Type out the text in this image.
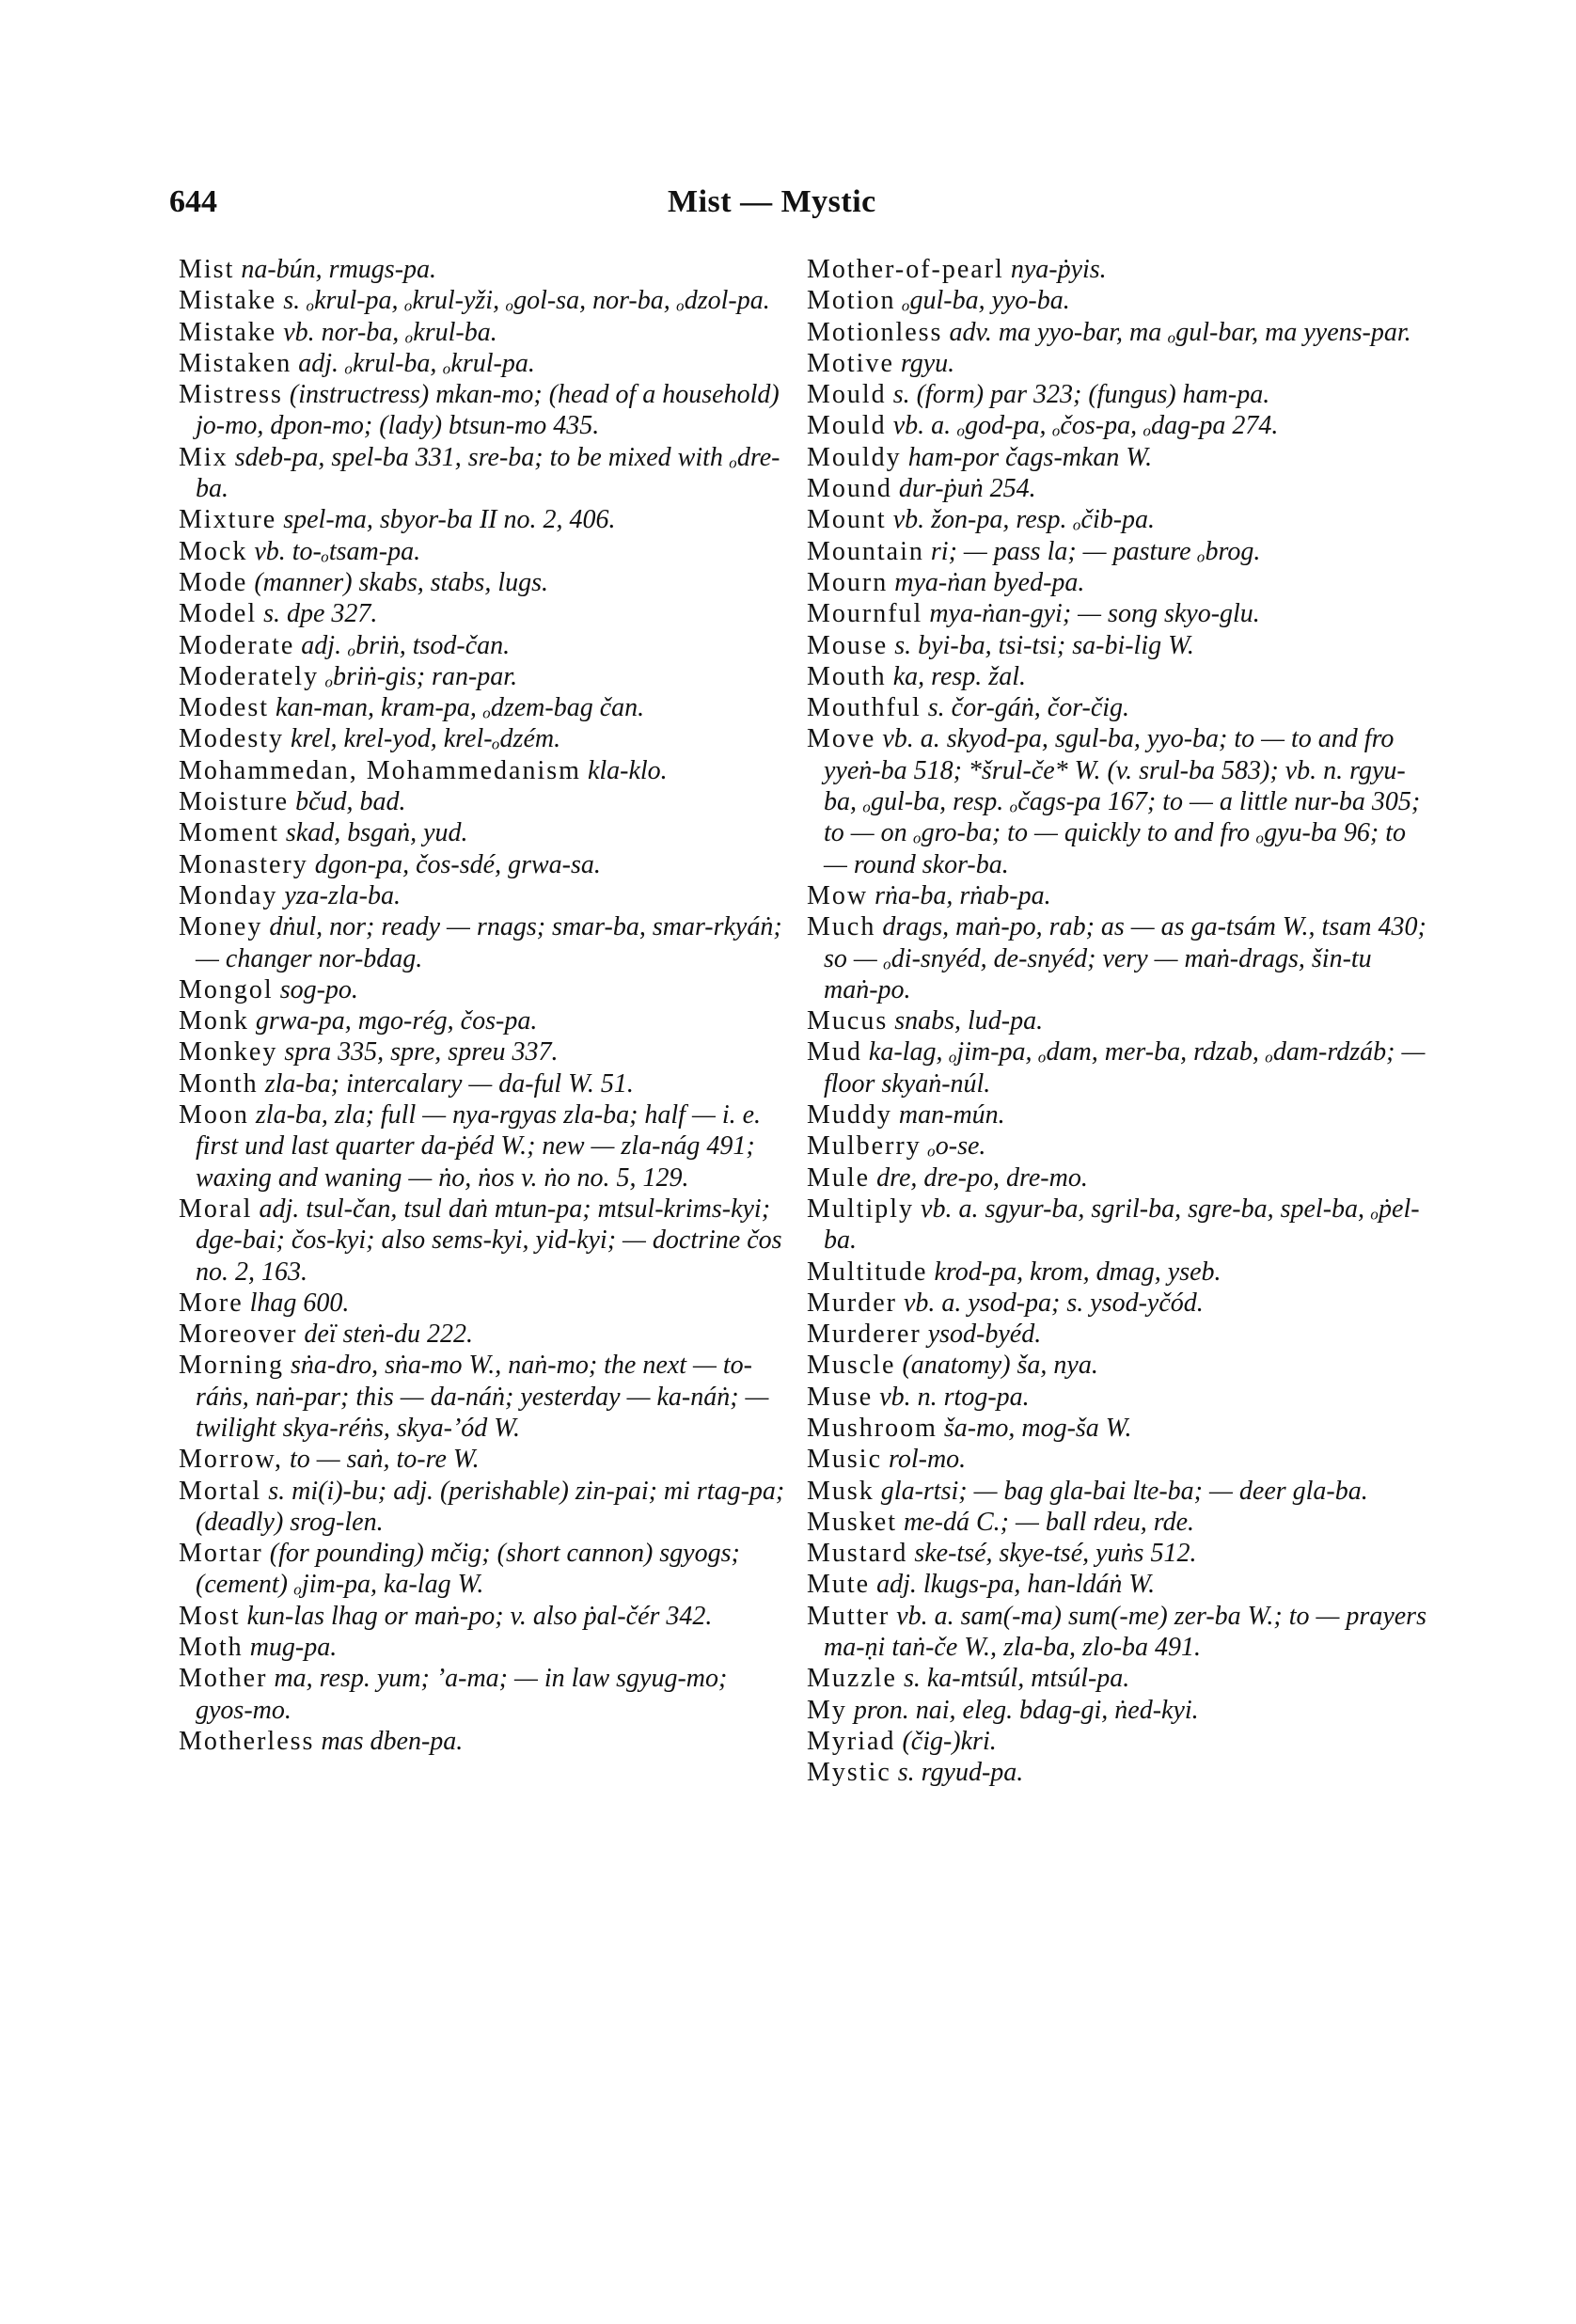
644	Mist — Mystic
Mist na-bún, rmugs-pa.
Mistake s. ₒkrul-pa, ₒkrul-yži, ₒgol-sa, nor-ba, ₒdzol-pa.
Mistake vb. nor-ba, ₒkrul-ba.
Mistaken adj. ₒkrul-ba, ₒkrul-pa.
Mistress (instructress) mkan-mo; (head of a household) jo-mo, dpon-mo; (lady) btsun-mo 435.
Mix sdeb-pa, spel-ba 331, sre-ba; to be mixed with ₒdre-ba.
Mixture spel-ma, sbyor-ba II no. 2, 406.
Mock vb. to-ₒtsam-pa.
Mode (manner) skabs, stabs, lugs.
Model s. dpe 327.
Moderate adj. ₒbriṅ, tsod-čan.
Moderately ₒbriṅ-gis; ran-par.
Modest kan-man, kram-pa, ₒdzem-bag čan.
Modesty krel, krel-yod, krel-ₒdzém.
Mohammedan, Mohammedanism kla-klo.
Moisture bčud, bad.
Moment skad, bsgaṅ, yud.
Monastery dgon-pa, čos-sdé, grwa-sa.
Monday yza-zla-ba.
Money dṅul, nor; ready — rnags; smar-ba, smar-rkyáṅ; — changer nor-bdag.
Mongol sog-po.
Monk grwa-pa, mgo-rég, čos-pa.
Monkey spra 335, spre, spreu 337.
Month zla-ba; intercalary — da-ful W. 51.
Moon zla-ba, zla; full — nya-rgyas zla-ba; half — i. e. first und last quarter da-ṗéd W.; new — zla-nág 491; waxing and waning — ṅo, ṅos v. ṅo no. 5, 129.
Moral adj. tsul-čan, tsul daṅ mtun-pa; mtsul-krims-kyi; dge-bai; čos-kyi; also sems-kyi, yid-kyi; — doctrine čos no. 2, 163.
More lhag 600.
Moreover deï steṅ-du 222.
Morning sṅa-dro, sṅa-mo W., naṅ-mo; the next — to-ráṅs, naṅ-par; this — da-náṅ; yesterday — ka-náṅ; — twilight skya-réṅs, skya-’ód W.
Morrow, to — saṅ, to-re W.
Mortal s. mi(i)-bu; adj. (perishable) zin-pai; mi rtag-pa; (deadly) srog-len.
Mortar (for pounding) mčig; (short cannon) sgyogs; (cement) ₒjim-pa, ka-lag W.
Most kun-las lhag or maṅ-po; v. also ṗal-čér 342.
Moth mug-pa.
Mother ma, resp. yum; ’a-ma; — in law sgyug-mo; gyos-mo.
Motherless mas dben-pa.
Mother-of-pearl nya-ṗyis.
Motion ₒgul-ba, yyo-ba.
Motionless adv. ma yyo-bar, ma ₒgul-bar, ma yyens-par.
Motive rgyu.
Mould s. (form) par 323; (fungus) ham-pa.
Mould vb. a. ₒgod-pa, ₒčos-pa, ₒdag-pa 274.
Mouldy ham-por čags-mkan W.
Mound dur-ṗuṅ 254.
Mount vb. žon-pa, resp. ₒčib-pa.
Mountain ri; — pass la; — pasture ₒbrog.
Mourn mya-ṅan byed-pa.
Mournful mya-ṅan-gyi; — song skyo-glu.
Mouse s. byi-ba, tsi-tsi; sa-bi-lig W.
Mouth ka, resp. žal.
Mouthful s. čor-gáṅ, čor-čig.
Move vb. a. skyod-pa, sgul-ba, yyo-ba; to — to and fro yyeṅ-ba 518; *šrul-če* W. (v. srul-ba 583); vb. n. rgyu-ba, ₒgul-ba, resp. ₒčags-pa 167; to — a little nur-ba 305; to — on ₒgro-ba; to — quickly to and fro ₒgyu-ba 96; to — round skor-ba.
Mow rṅa-ba, rṅab-pa.
Much drags, maṅ-po, rab; as — as ga-tsám W., tsam 430; so — ₒdi-snyéd, de-snyéd; very — maṅ-drags, šin-tu maṅ-po.
Mucus snabs, lud-pa.
Mud ka-lag, ₒjim-pa, ₒdam, mer-ba, rdzab, ₒdam-rdzáb; — floor skyaṅ-núl.
Muddy man-mún.
Mulberry ₒo-se.
Mule dre, dre-po, dre-mo.
Multiply vb. a. sgyur-ba, sgril-ba, sgre-ba, spel-ba, ₒṗel-ba.
Multitude krod-pa, krom, dmag, yseb.
Murder vb. a. ysod-pa; s. ysod-yčód.
Murderer ysod-byéd.
Muscle (anatomy) ša, nya.
Muse vb. n. rtog-pa.
Mushroom ša-mo, mog-ša W.
Music rol-mo.
Musk gla-rtsi; — bag gla-bai lte-ba; — deer gla-ba.
Musket me-dá C.; — ball rdeu, rde.
Mustard ske-tsé, skye-tsé, yuṅs 512.
Mute adj. lkugs-pa, han-ldáṅ W.
Mutter vb. a. sam(-ma) sum(-me) zer-ba W.; to — prayers ma-ṇi taṅ-če W., zla-ba, zlo-ba 491.
Muzzle s. ka-mtsúl, mtsúl-pa.
My pron. nai, eleg. bdag-gi, ṅed-kyi.
Myriad (čig-)kri.
Mystic s. rgyud-pa.
